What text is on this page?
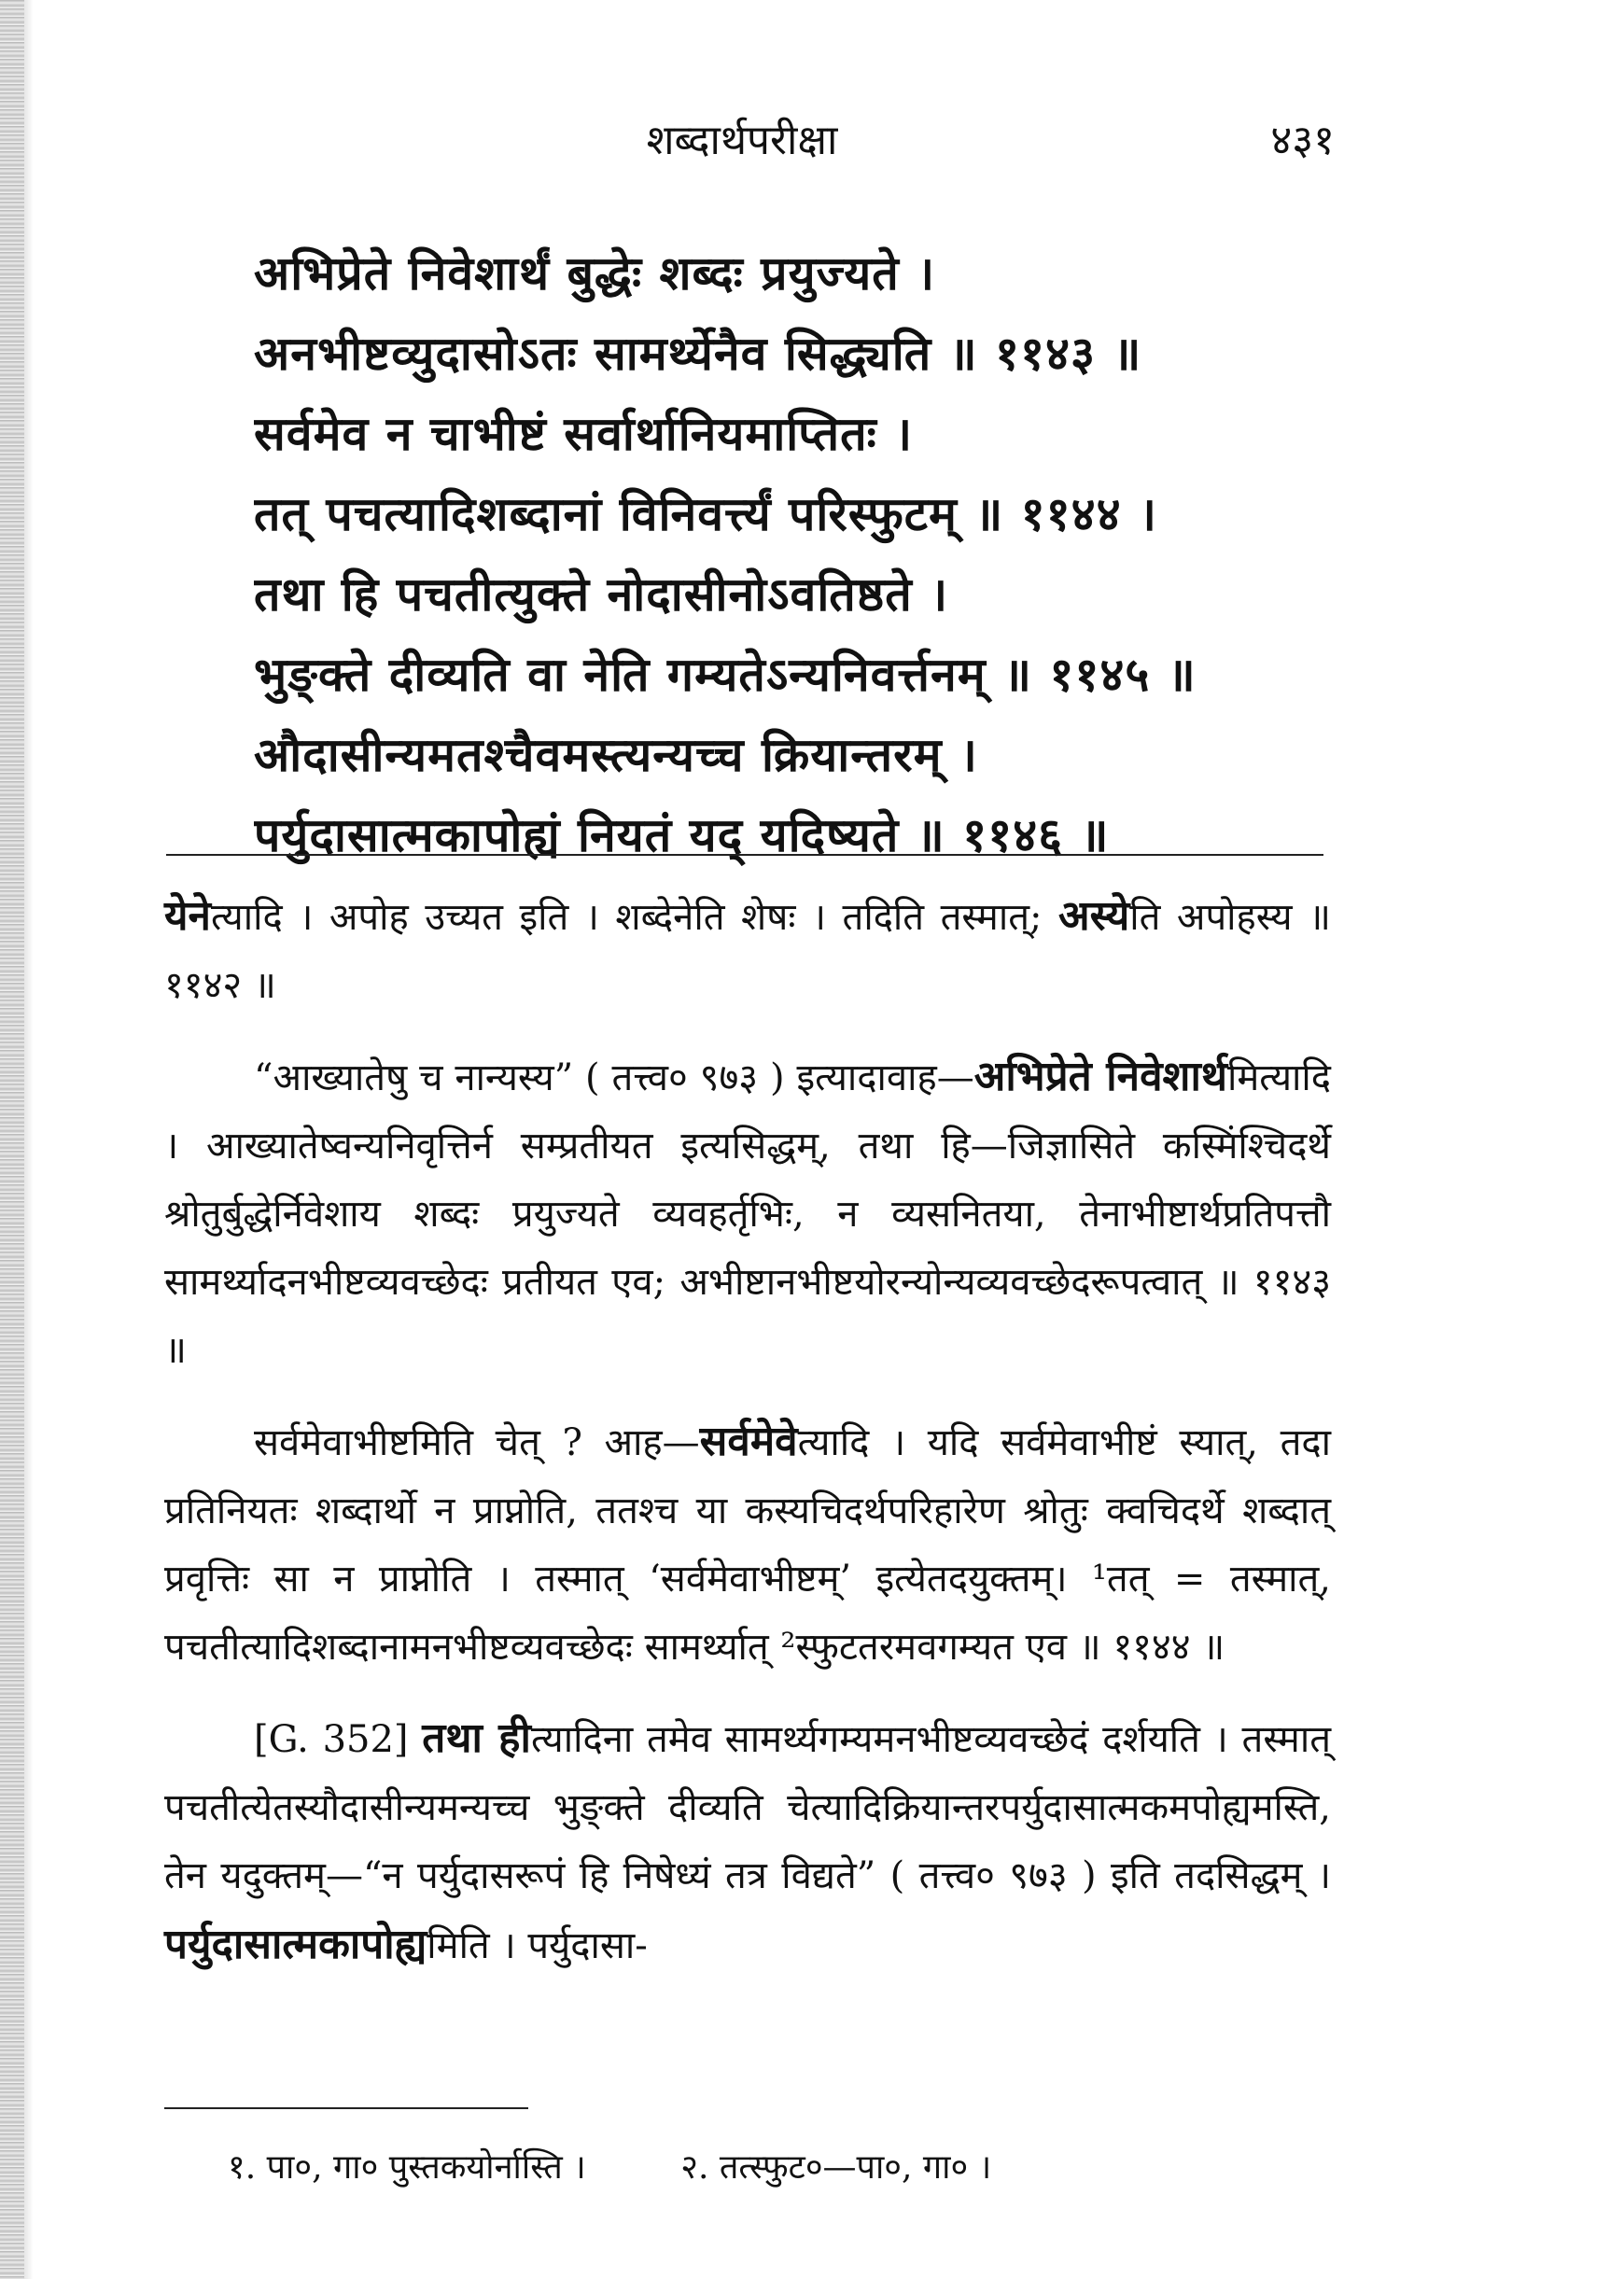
शब्दार्थपरीक्षा	४३१
अभिप्रेते निवेशार्थं बुद्धेः शब्दः प्रयुज्यते ।
अनभीष्टव्युदासोऽतः सामर्थ्येनैव सिद्ध्यति ॥ ११४३ ॥
सर्वमेव न चाभीष्टं सर्वार्थानियमाप्तितः ।
तत् पचत्यादिशब्दानां विनिवर्त्त्यं परिस्फुटम् ॥ ११४४ ।
तथा हि पचतीत्युक्ते नोदासीनोऽवतिष्ठते ।
भुङ्क्ते दीव्यति वा नेति गम्यतेऽन्यनिवर्त्तनम् ॥ ११४५ ॥
औदासीन्यमतश्चैवमस्त्यन्यच्च क्रियान्तरम् ।
पर्युदासात्मकापोह्यं नियतं यद् यदिष्यते ॥ ११४६ ॥

येनेत्यादि । अपोह उच्यत इति । शब्देनेति शेषः । तदिति तस्मात्; अस्येति अपोहस्य ॥ ११४२ ॥

“आख्यातेषु च नान्यस्य” ( तत्त्व० ९७३ ) इत्यादावाह—अभिप्रेते निवेशार्थमित्यादि । आख्यातेष्वन्यनिवृत्तिर्न सम्प्रतीयत इत्यसिद्धम्, तथा हि—जिज्ञासिते कस्मिंश्चिदर्थे श्रोतुर्बुद्धेर्निवेशाय शब्दः प्रयुज्यते व्यवहर्तृभिः, न व्यसनितया, तेनाभीष्टार्थप्रतिपत्तौ सामर्थ्यादनभीष्टव्यवच्छेदः प्रतीयत एव; अभीष्टानभीष्टयोरन्योन्यव्यवच्छेदरूपत्वात् ॥ ११४३ ॥

सर्वमेवाभीष्टमिति चेत् ? आह—सर्वमेवेत्यादि । यदि सर्वमेवाभीष्टं स्यात्, तदा प्रतिनियतः शब्दार्थो न प्राप्नोति, ततश्च या कस्यचिदर्थपरिहारेण श्रोतुः क्वचिदर्थे शब्दात् प्रवृत्तिः सा न प्राप्नोति । तस्मात् ‘सर्वमेवाभीष्टम्’ इत्येतदयुक्तम्। ¹तत् = तस्मात्, पचतीत्यादिशब्दानामनभीष्टव्यवच्छेदः सामर्थ्यात् ²स्फुटतरमवगम्यत एव ॥ ११४४ ॥

[G. 352] तथा हीत्यादिना तमेव सामर्थ्यगम्यमनभीष्टव्यवच्छेदं दर्शयति । तस्मात् पचतीत्येतस्यौदासीन्यमन्यच्च भुङ्क्ते दीव्यति चेत्यादिक्रियान्तरपर्युदासात्मकमपोह्यमस्ति, तेन यदुक्तम्—“न पर्युदासरूपं हि निषेध्यं तत्र विद्यते” ( तत्त्व० ९७३ ) इति तदसिद्धम् । पर्युदासात्मकापोह्यमिति । पर्युदासा-

१. पा०, गा० पुस्तकयोर्नास्ति ।	२. तत्स्फुट०—पा०, गा० ।
